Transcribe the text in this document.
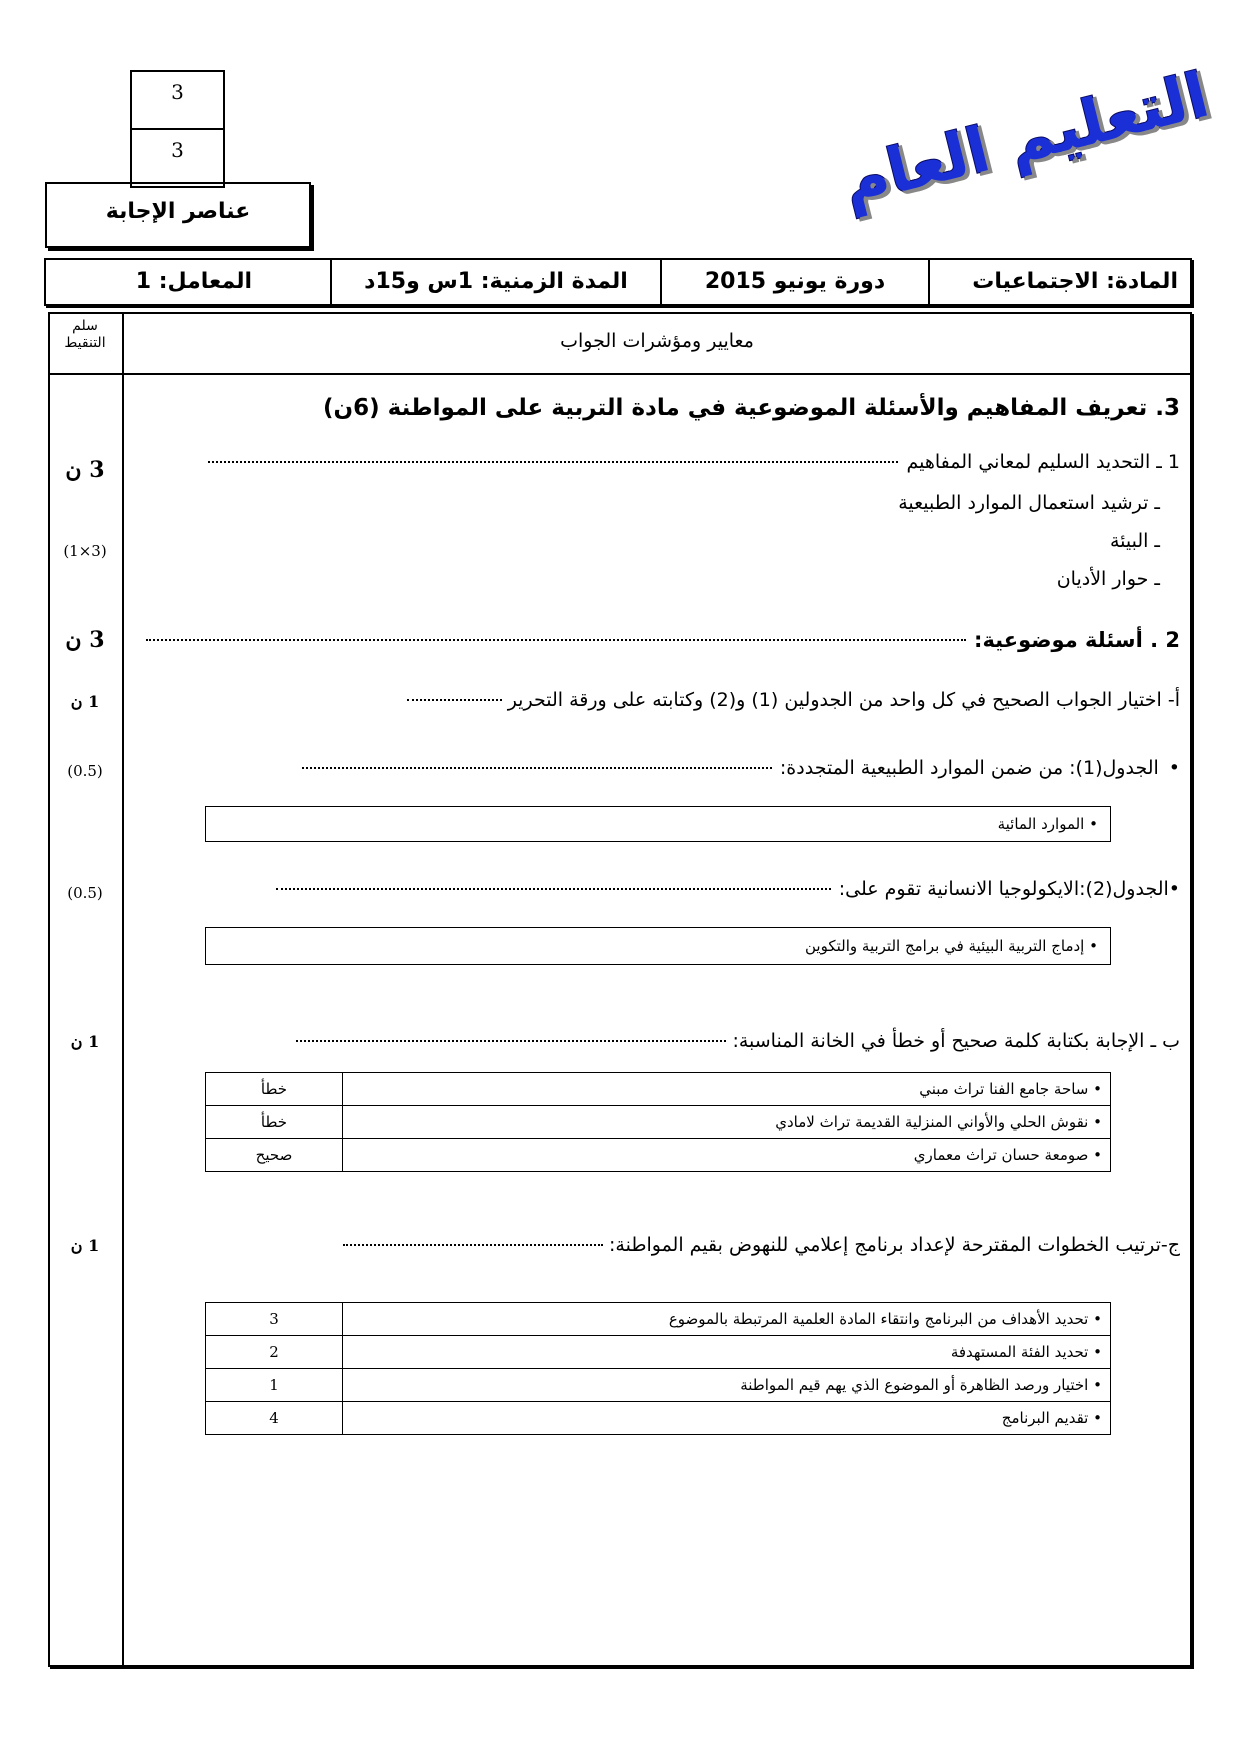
3
3
عناصر الإجابة	التعليم العام
المادة: الاجتماعيات
دورة يونيو 2015
المدة الزمنية: 1س و15د
المعامل: 1
سلم التنقيط	معايير ومؤشرات الجواب
3. تعريف المفاهيم والأسئلة الموضوعية في مادة التربية على المواطنة (6ن)
1 ـ التحديد السليم لمعاني المفاهيم
ـ ترشيد استعمال الموارد الطبيعية
ـ البيئة
ـ حوار الأديان
3 ن
(1×3)
2 . أسئلة موضوعية:
3 ن
أ- اختيار الجواب الصحيح في كل واحد من الجدولين (1) و(2) وكتابته على ورقة التحرير
1 ن
•
الجدول(1): من ضمن الموارد الطبيعية المتجددة:
(0.5)
• الموارد المائية
•
الجدول(2):الايكولوجيا الانسانية تقوم على:
(0.5)
• إدماج التربية البيئية في برامج التربية والتكوين
ب ـ الإجابة بكتابة كلمة صحيح أو خطأ في الخانة المناسبة:
1 ن
• ساحة جامع الفنا تراث مبني	خطأ
• نقوش الحلي والأواني المنزلية القديمة تراث لامادي	خطأ
• صومعة حسان تراث معماري	صحيح
ج-ترتيب الخطوات المقترحة لإعداد برنامج إعلامي للنهوض بقيم المواطنة:
1 ن
• تحديد الأهداف من البرنامج وانتقاء المادة العلمية المرتبطة بالموضوع	3
• تحديد الفئة المستهدفة	2
• اختيار ورصد الظاهرة أو الموضوع الذي يهم قيم المواطنة	1
• تقديم البرنامج	4
